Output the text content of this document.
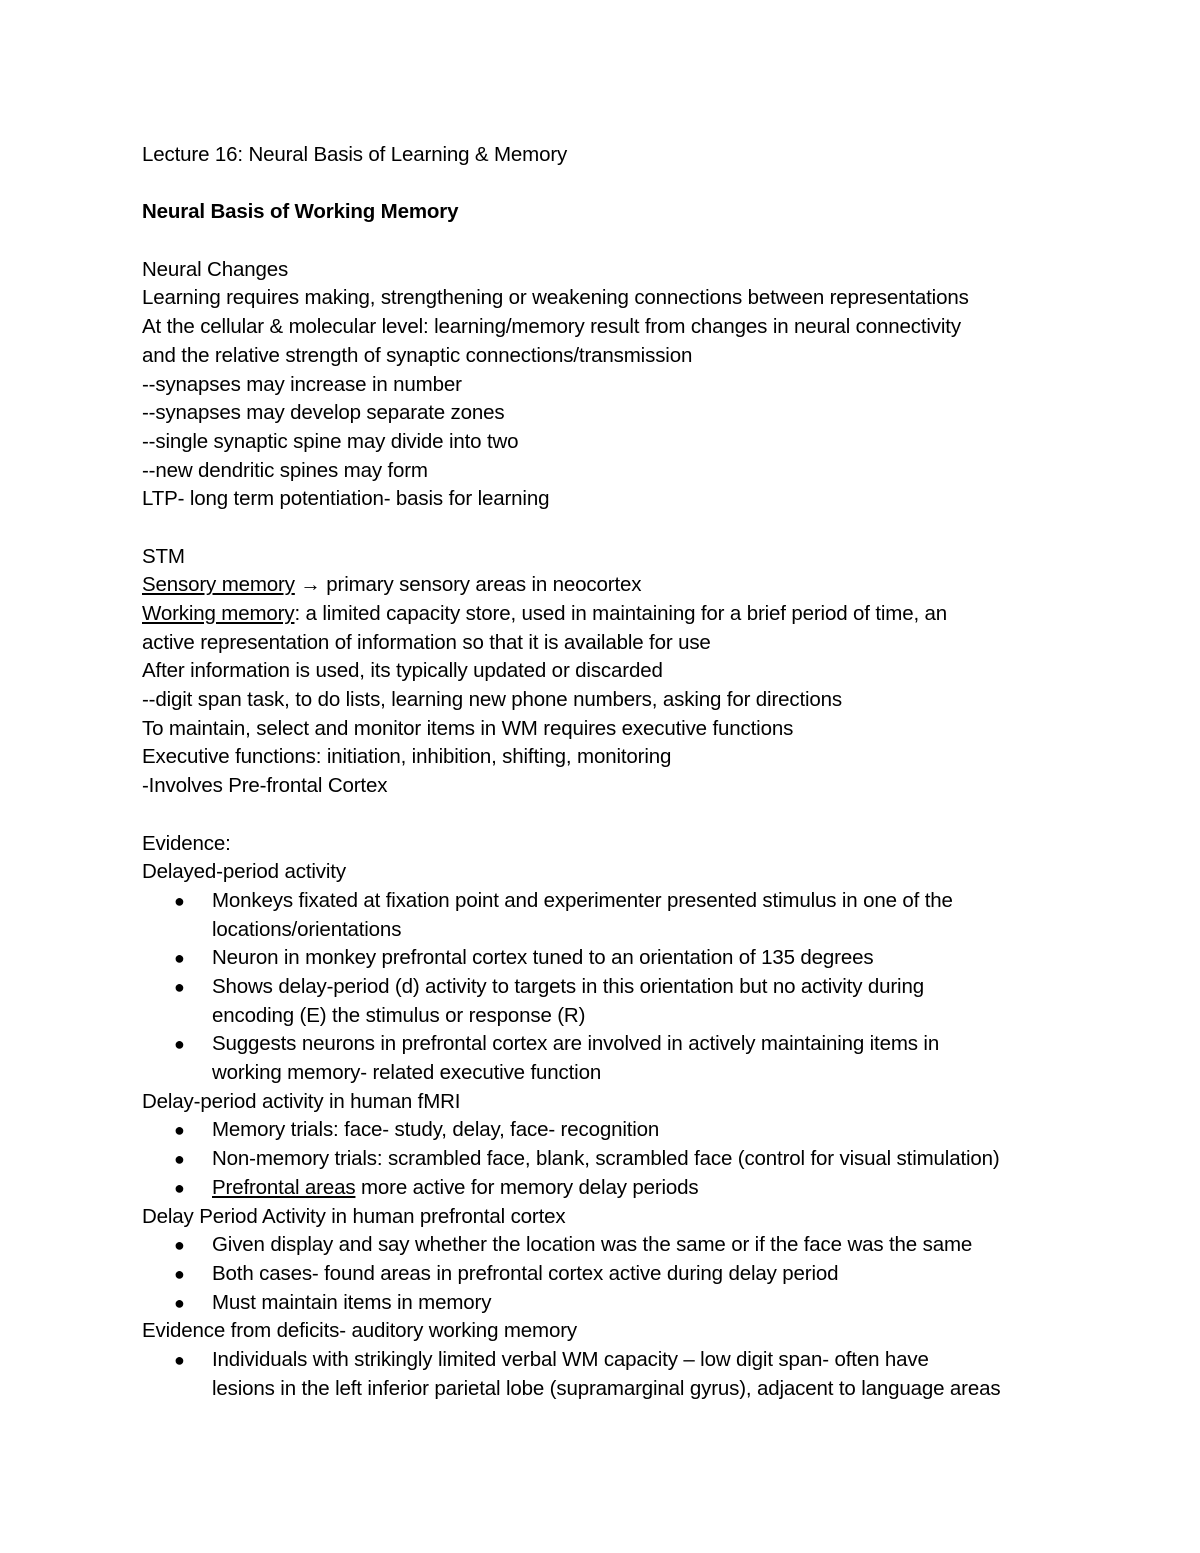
Lecture 16: Neural Basis of Learning & Memory
Neural Basis of Working Memory
Neural Changes
Learning requires making, strengthening or weakening connections between representations
At the cellular & molecular level: learning/memory result from changes in neural connectivity
and the relative strength of synaptic connections/transmission
--synapses may increase in number
--synapses may develop separate zones
--single synaptic spine may divide into two
--new dendritic spines may form
LTP- long term potentiation- basis for learning
STM
Sensory memory → primary sensory areas in neocortex
Working memory: a limited capacity store, used in maintaining for a brief period of time, an
active representation of information so that it is available for use
After information is used, its typically updated or discarded
--digit span task, to do lists, learning new phone numbers, asking for directions
To maintain, select and monitor items in WM requires executive functions
Executive functions: initiation, inhibition, shifting, monitoring
-Involves Pre-frontal Cortex
Evidence:
Delayed-period activity
● Monkeys fixated at fixation point and experimenter presented stimulus in one of the
locations/orientations
● Neuron in monkey prefrontal cortex tuned to an orientation of 135 degrees
● Shows delay-period (d) activity to targets in this orientation but no activity during
encoding (E) the stimulus or response (R)
● Suggests neurons in prefrontal cortex are involved in actively maintaining items in
working memory- related executive function
Delay-period activity in human fMRI
● Memory trials: face- study, delay, face- recognition
● Non-memory trials: scrambled face, blank, scrambled face (control for visual stimulation)
● Prefrontal areas more active for memory delay periods
Delay Period Activity in human prefrontal cortex
● Given display and say whether the location was the same or if the face was the same
● Both cases- found areas in prefrontal cortex active during delay period
● Must maintain items in memory
Evidence from deficits- auditory working memory
● Individuals with strikingly limited verbal WM capacity – low digit span- often have
lesions in the left inferior parietal lobe (supramarginal gyrus), adjacent to language areas
